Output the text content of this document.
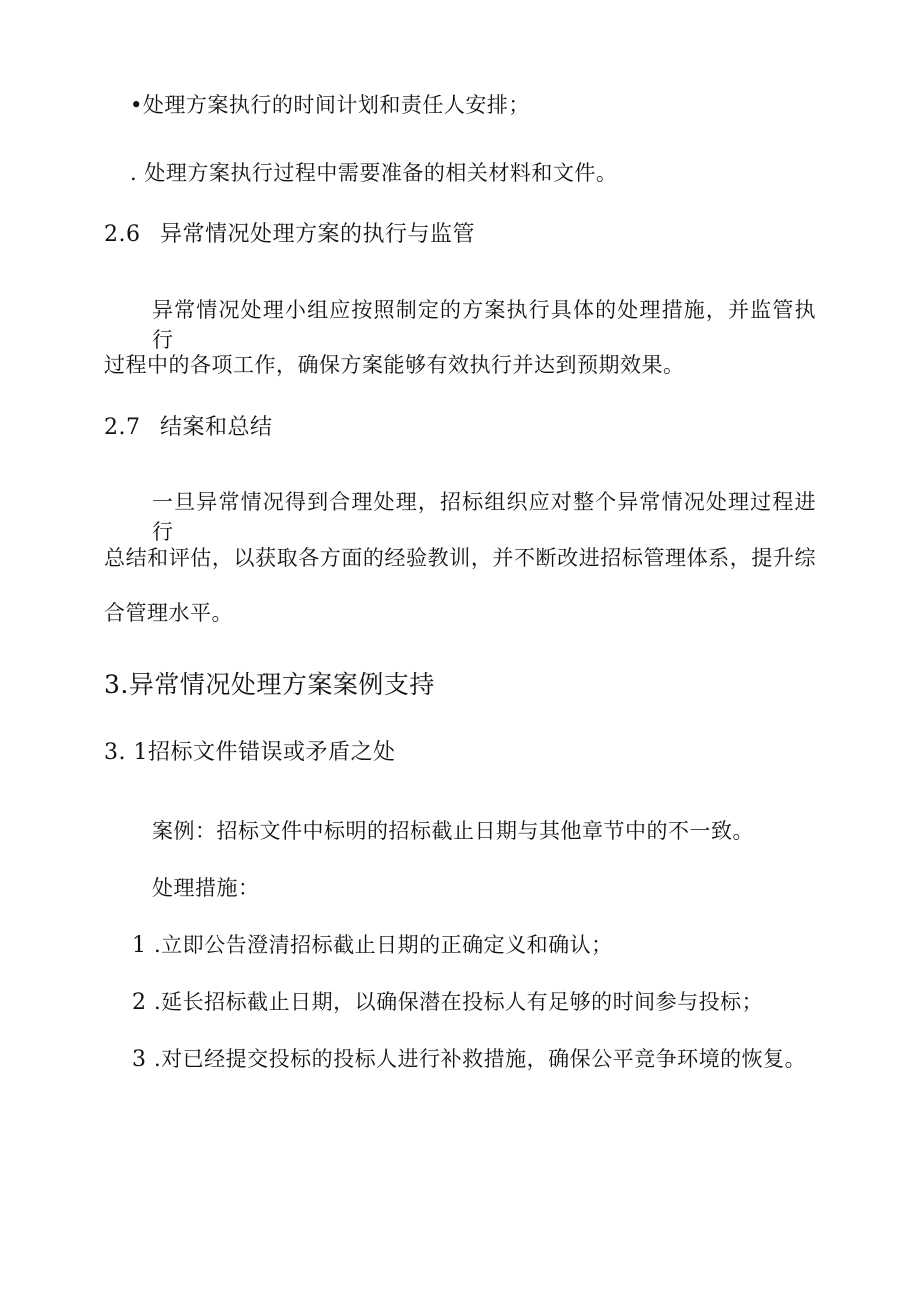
•处理方案执行的时间计划和责任人安排；
. 处理方案执行过程中需要准备的相关材料和文件。
2.6 异常情况处理方案的执行与监管
异常情况处理小组应按照制定的方案执行具体的处理措施，并监管执行
过程中的各项工作，确保方案能够有效执行并达到预期效果。
2.7 结案和总结
一旦异常情况得到合理处理，招标组织应对整个异常情况处理过程进行
总结和评估，以获取各方面的经验教训，并不断改进招标管理体系，提升综
合管理水平。
3.异常情况处理方案案例支持
3. 1招标文件错误或矛盾之处
案例：招标文件中标明的招标截止日期与其他章节中的不一致。
处理措施：
1 .立即公告澄清招标截止日期的正确定义和确认；
2 .延长招标截止日期，以确保潜在投标人有足够的时间参与投标；
3 .对已经提交投标的投标人进行补救措施，确保公平竞争环境的恢复。
